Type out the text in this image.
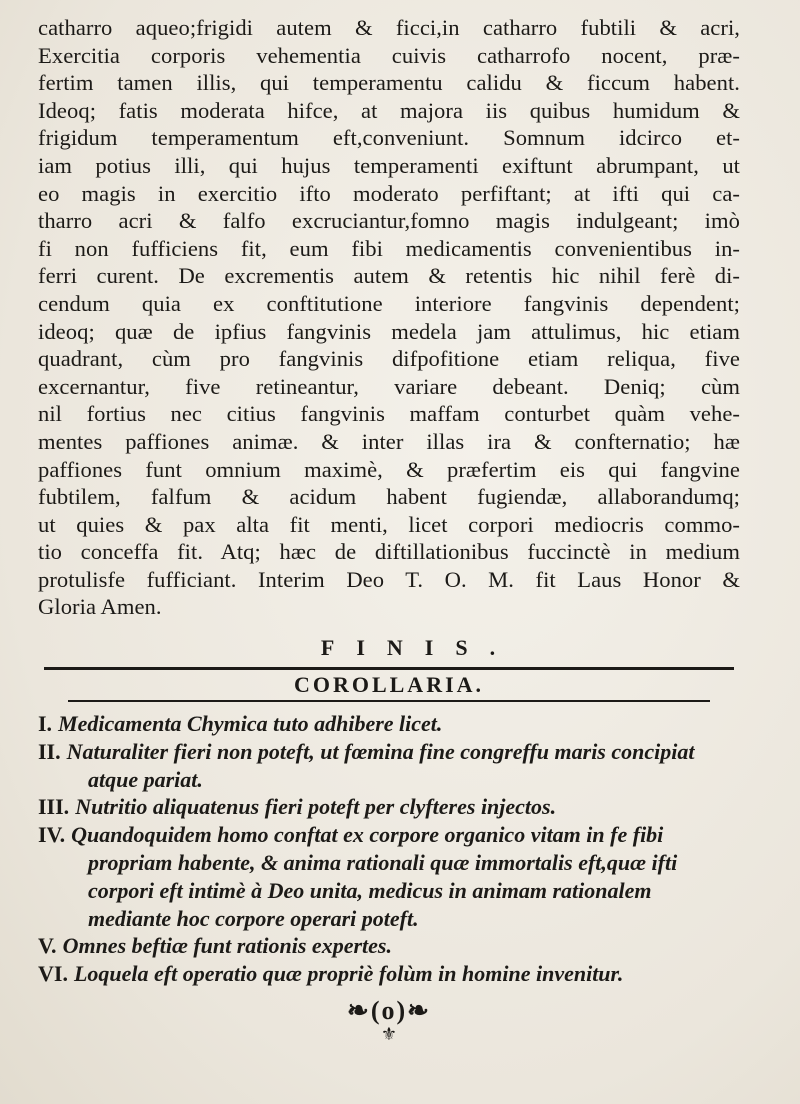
catharro aqueo;frigidi autem & ficci,in catharro fubtili & acri,

Exercitia corporis vehementia cuivis catharrofo nocent, præ-

fertim tamen illis, qui temperamentu calidu & ficcum habent.

Ideoq; fatis moderata hifce, at majora iis quibus humidum &

frigidum temperamentum eft,conveniunt. Somnum idcirco et-

iam potius illi, qui hujus temperamenti exiftunt abrumpant, ut

eo magis in exercitio ifto moderato perfiftant; at ifti qui ca-

tharro acri & falfo excruciantur,fomno magis indulgeant; imò

fi non fufficiens fit, eum fibi medicamentis convenientibus in-

ferri curent. De excrementis autem & retentis hic nihil ferè di-

cendum quia ex conftitutione interiore fangvinis dependent;

ideoq; quæ de ipfius fangvinis medela jam attulimus, hic etiam

quadrant, cùm pro fangvinis difpofitione etiam reliqua, five

excernantur, five retineantur, variare debeant. Deniq; cùm

nil fortius nec citius fangvinis maffam conturbet quàm vehe-

mentes paffiones animæ. & inter illas ira & confternatio; hæ

paffiones funt omnium maximè, & præfertim eis qui fangvine

fubtilem, falfum & acidum habent fugiendæ, allaborandumq;

ut quies & pax alta fit menti, licet corpori mediocris commo-

tio conceffa fit. Atq; hæc de diftillationibus fuccinctè in medium

protulisfe fufficiant. Interim Deo T. O. M. fit Laus Honor &

Gloria Amen.

FINIS.
COROLLARIA.

I. Medicamenta Chymica tuto adhibere licet.

II. Naturaliter fieri non poteft, ut fœmina fine congreffu maris concipiat

atque pariat.

III. Nutritio aliquatenus fieri poteft per clyfteres injectos.

IV. Quandoquidem homo conftat ex corpore organico vitam in fe fibi

propriam habente, & anima rationali quæ immortalis eft,quæ ifti

corpori eft intimè à Deo unita, medicus in animam rationalem

mediante hoc corpore operari poteft.

V. Omnes beftiæ funt rationis expertes.

VI. Loquela eft operatio quæ propriè folùm in homine invenitur.

❧(o)❧
⚜
